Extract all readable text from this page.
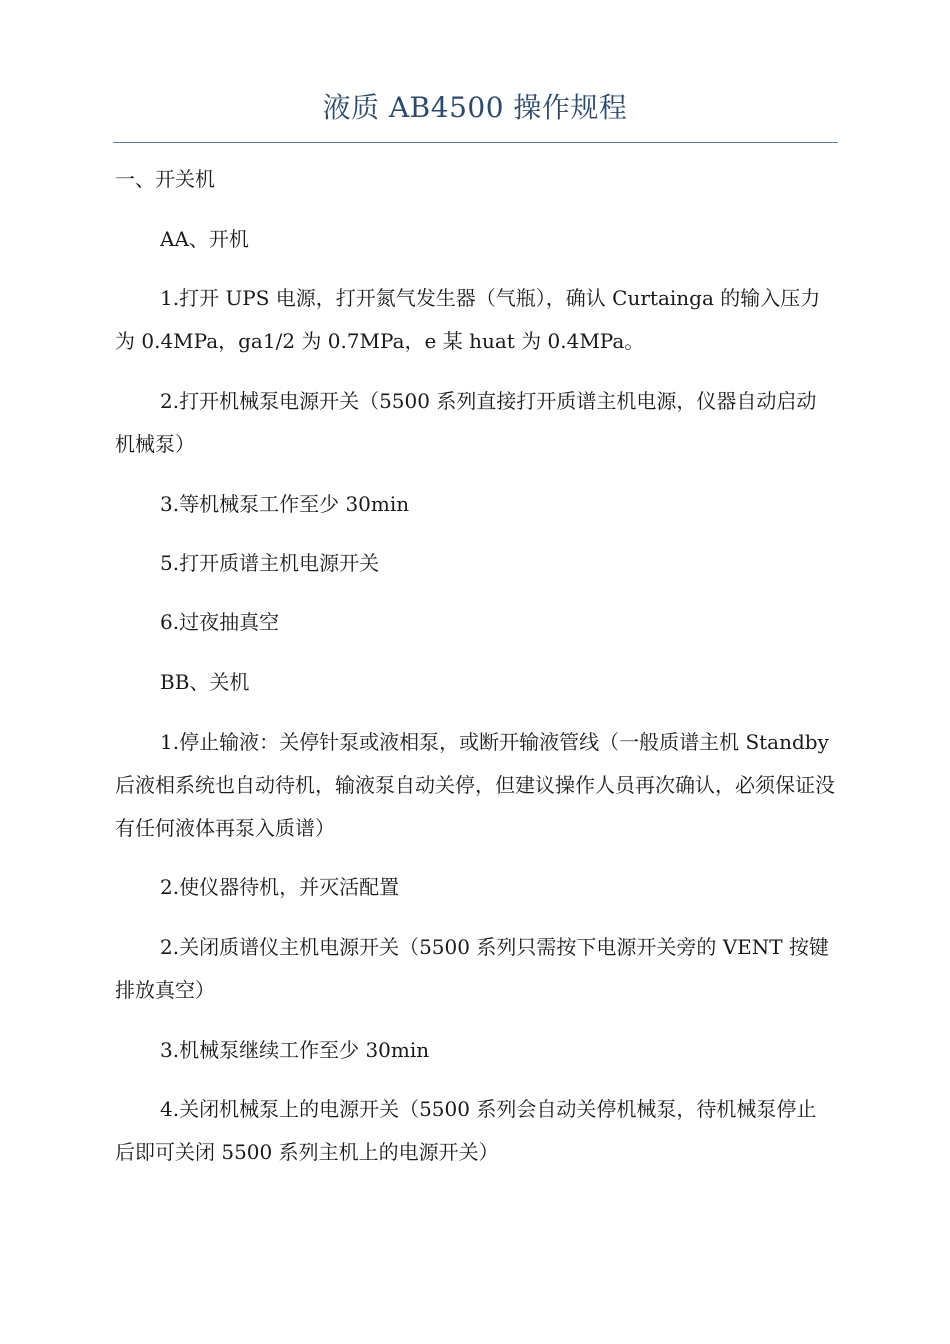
液质 AB4500 操作规程

一、开关机

AA、开机

1.打开 UPS 电源，打开氮气发生器（气瓶），确认 Curtainga 的输入压力为 0.4MPa，ga1/2 为 0.7MPa，e 某 huat 为 0.4MPa。

2.打开机械泵电源开关（5500 系列直接打开质谱主机电源，仪器自动启动机械泵）

3.等机械泵工作至少 30min

5.打开质谱主机电源开关

6.过夜抽真空

BB、关机

1.停止输液：关停针泵或液相泵，或断开输液管线（一般质谱主机 Standby 后液相系统也自动待机，输液泵自动关停，但建议操作人员再次确认，必须保证没有任何液体再泵入质谱）

2.使仪器待机，并灭活配置

2.关闭质谱仪主机电源开关（5500 系列只需按下电源开关旁的 VENT 按键排放真空）

3.机械泵继续工作至少 30min

4.关闭机械泵上的电源开关（5500 系列会自动关停机械泵，待机械泵停止后即可关闭 5500 系列主机上的电源开关）
